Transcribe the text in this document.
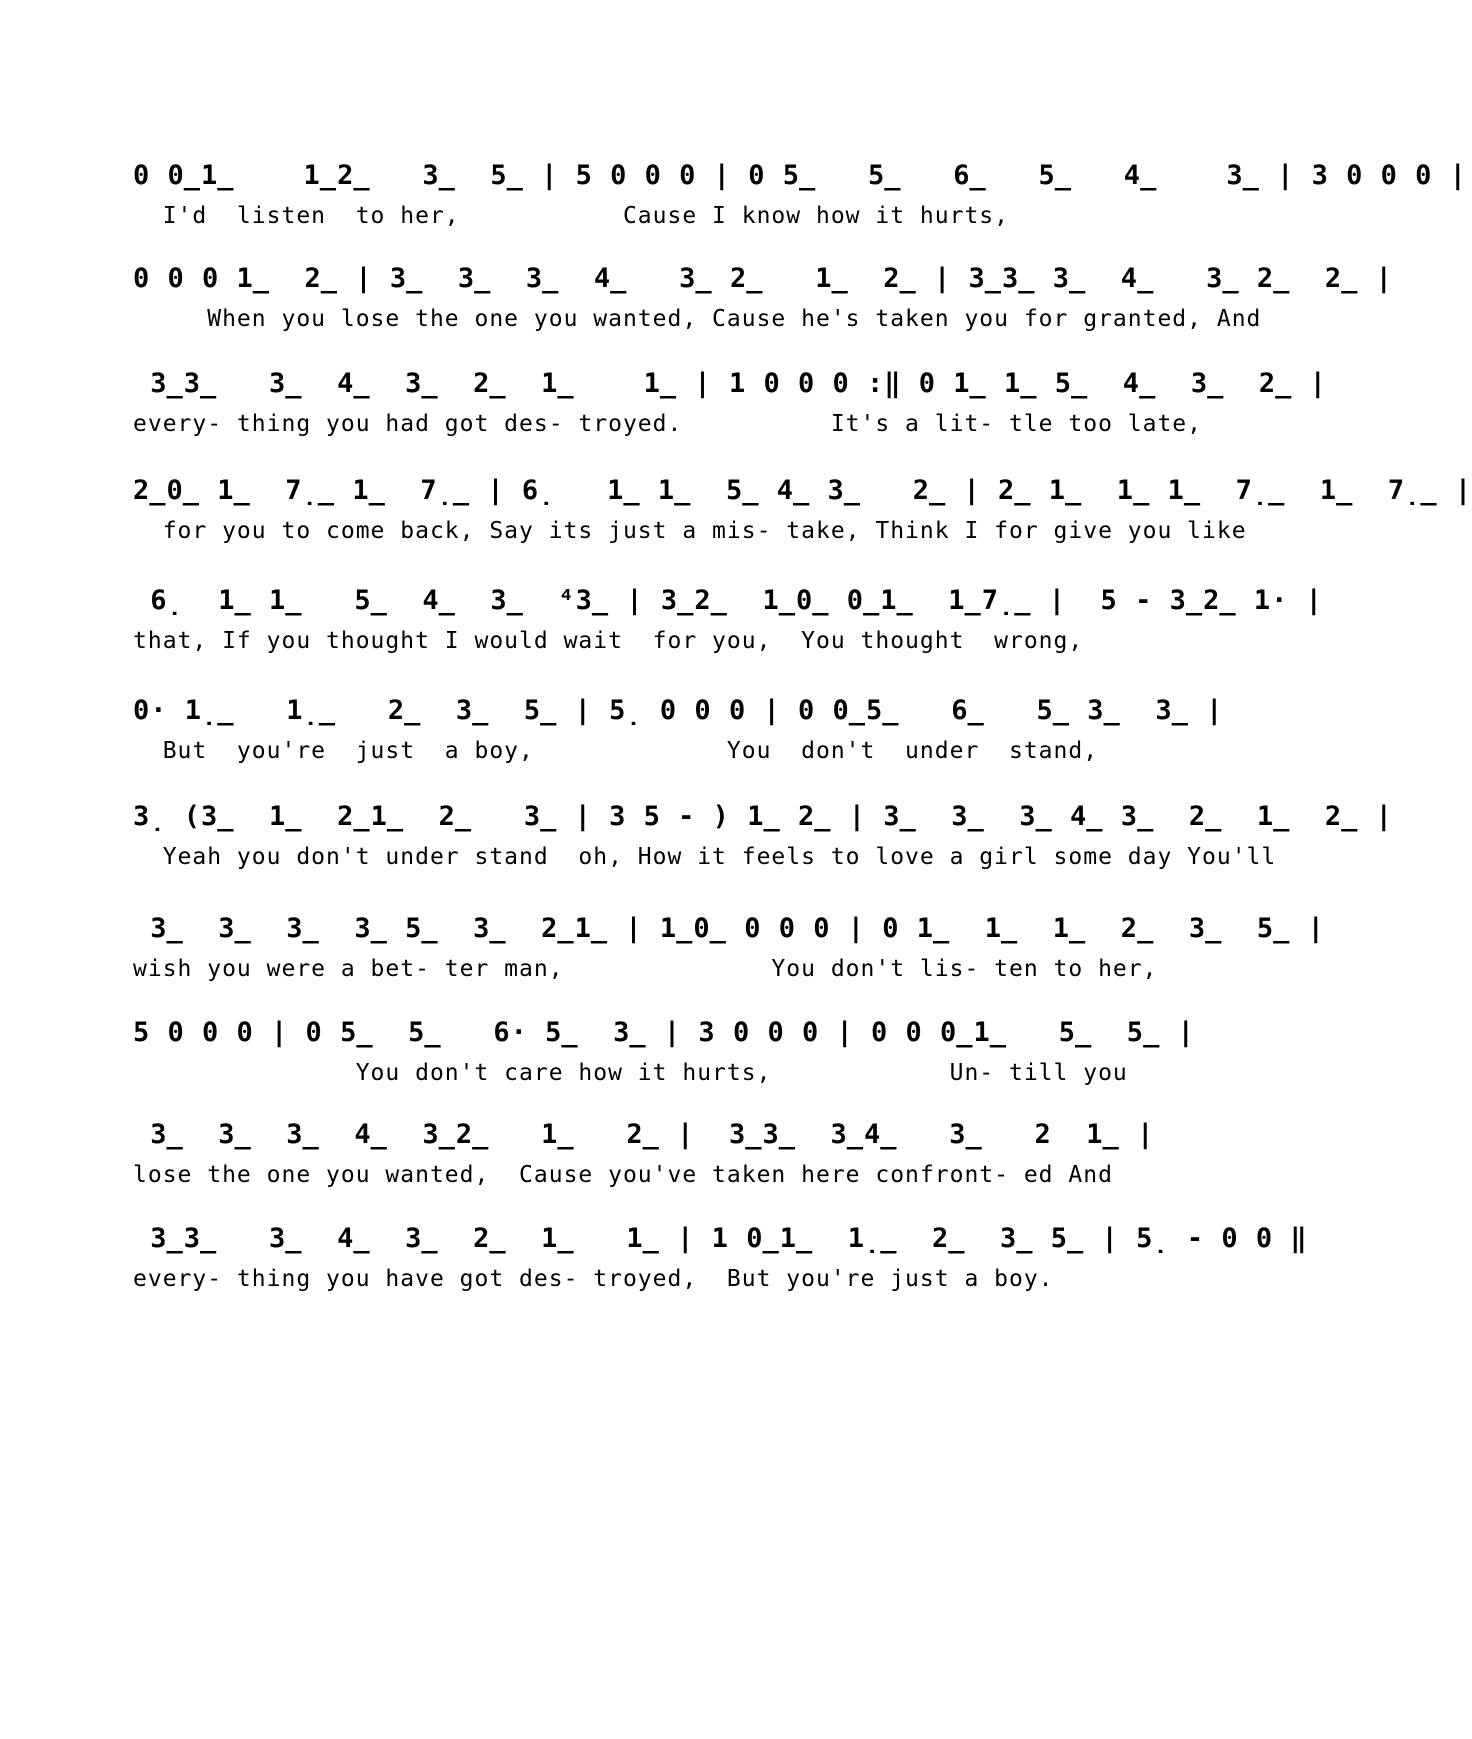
0 0̲1̲    1̲2̲   3̲  5̲ | 5 0 0 0 | 0 5̲   5̲   6̲   5̲   4̲    3̲ | 3 0 0 0 |
I'd  listen  to her,           Cause I know how it hurts,
0 0 0 1̲  2̲ | 3̲  3̲  3̲  4̲   3̲ 2̲   1̲  2̲ | 3̲3̲ 3̲  4̲   3̲ 2̲  2̲ |
When you lose the one you wanted, Cause he's taken you for granted, And
3̲3̲   3̲  4̲  3̲  2̲  1̲    1̲ | 1 0 0 0 :‖ 0 1̲ 1̲ 5̲  4̲  3̲  2̲ |
every- thing you had got des- troyed.          It's a lit- tle too late,
2̲0̲ 1̲  7̣̲ 1̲  7̣̲ | 6̣   1̲ 1̲  5̲ 4̲ 3̲   2̲ | 2̲ 1̲  1̲ 1̲  7̣̲  1̲  7̣̲ |
for you to come back, Say its just a mis- take, Think I for give you like
6̣  1̲ 1̲   5̲  4̲  3̲  ⁴3̲ | 3̲2̲  1̲0̲ 0̲1̲  1̲7̣̲ |  5 - 3̲2̲ 1· |
that, If you thought I would wait  for you,  You thought  wrong,
0· 1̣̲   1̣̲   2̲  3̲  5̲ | 5̣ 0 0 0 | 0 0̲5̲   6̲   5̲ 3̲  3̲ |
But  you're  just  a boy,             You  don't  under  stand,
3̣ (3̲  1̲  2̲1̲  2̲   3̲ | 3 5 - ) 1̲ 2̲ | 3̲  3̲  3̲ 4̲ 3̲  2̲  1̲  2̲ |
Yeah you don't under stand  oh, How it feels to love a girl some day You'll
3̲  3̲  3̲  3̲ 5̲  3̲  2̲1̲ | 1̲0̲ 0 0 0 | 0 1̲  1̲  1̲  2̲  3̲  5̲ |
wish you were a bet- ter man,              You don't lis- ten to her,
5 0 0 0 | 0 5̲  5̲   6· 5̲  3̲ | 3 0 0 0 | 0 0 0̲1̲   5̲  5̲ |
You don't care how it hurts,            Un- till you
3̲  3̲  3̲  4̲  3̲2̲   1̲   2̲ |  3̲3̲  3̲4̲   3̲   2  1̲ |
lose the one you wanted,  Cause you've taken here confront- ed And
3̲3̲   3̲  4̲  3̲  2̲  1̲   1̲ | 1 0̲1̲  1̣̲  2̲  3̲ 5̲ | 5̣ - 0 0 ‖
every- thing you have got des- troyed,  But you're just a boy.
